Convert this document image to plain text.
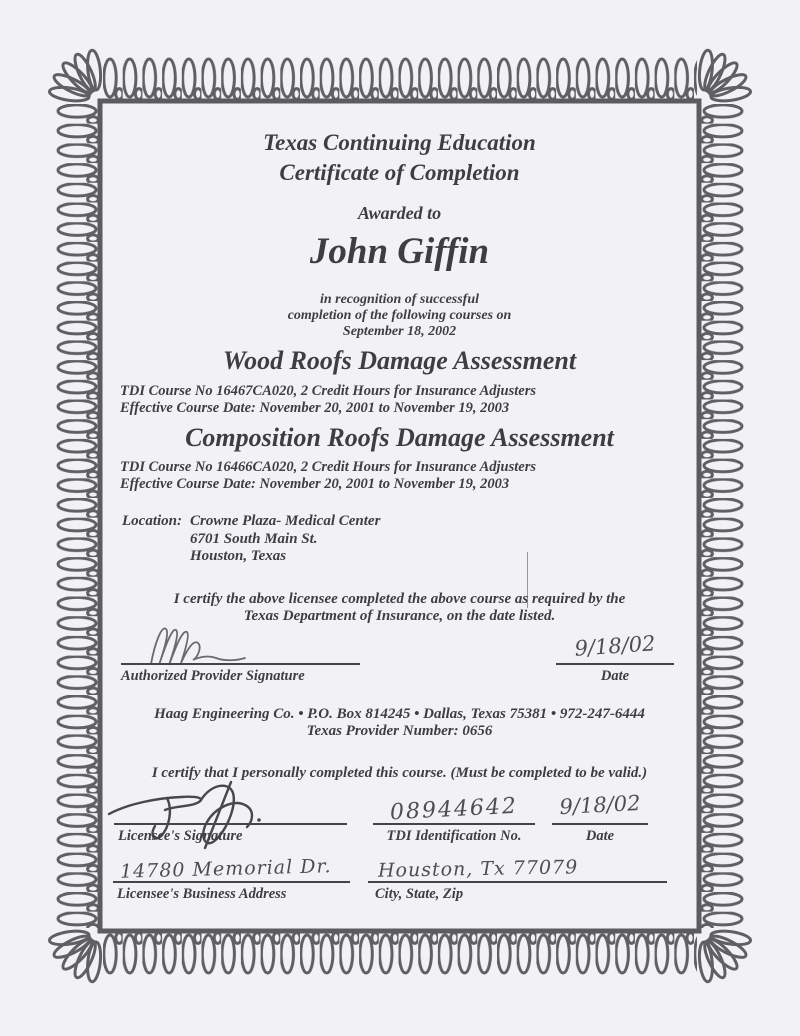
Texas Continuing Education
Certificate of Completion
Awarded to
John Giffin
in recognition of successful
completion of the following courses on
September 18, 2002
Wood Roofs Damage Assessment
TDI Course No 16467CA020, 2 Credit Hours for Insurance Adjusters
Effective Course Date: November 20, 2001 to November 19, 2003
Composition Roofs Damage Assessment
TDI Course No 16466CA020, 2 Credit Hours for Insurance Adjusters
Effective Course Date: November 20, 2001 to November 19, 2003
Location: Crowne Plaza- Medical Center
6701 South Main St.
Houston, Texas
I certify the above licensee completed the above course as required by the
Texas Department of Insurance, on the date listed.
Authorized Provider Signature
9/18/02
Date
Haag Engineering Co. • P.O. Box 814245 • Dallas, Texas 75381 • 972-247-6444
Texas Provider Number: 0656
I certify that I personally completed this course. (Must be completed to be valid.)
Licensee's Signature
08944642
TDI Identification No.
9/18/02
Date
14780 Memorial Dr.
Licensee's Business Address
Houston, Tx 77079
City, State, Zip
